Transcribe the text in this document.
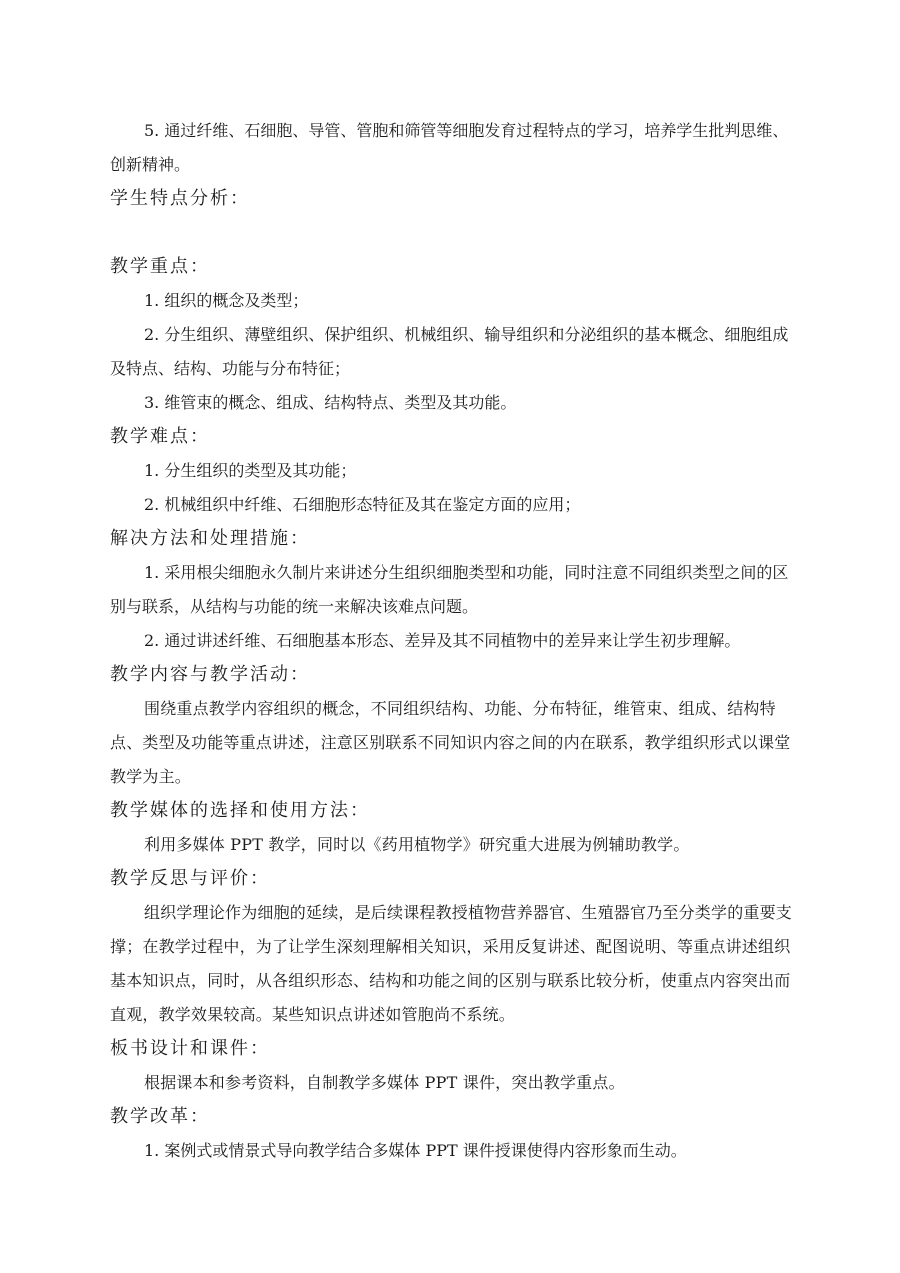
5. 通过纤维、石细胞、导管、管胞和筛管等细胞发育过程特点的学习，培养学生批判思维、创新精神。

学生特点分析：
教学重点：

1. 组织的概念及类型；

2. 分生组织、薄壁组织、保护组织、机械组织、输导组织和分泌组织的基本概念、细胞组成及特点、结构、功能与分布特征；

3. 维管束的概念、组成、结构特点、类型及其功能。

教学难点：

1. 分生组织的类型及其功能；

2. 机械组织中纤维、石细胞形态特征及其在鉴定方面的应用；

解决方法和处理措施：

1. 采用根尖细胞永久制片来讲述分生组织细胞类型和功能，同时注意不同组织类型之间的区别与联系，从结构与功能的统一来解决该难点问题。

2. 通过讲述纤维、石细胞基本形态、差异及其不同植物中的差异来让学生初步理解。

教学内容与教学活动：

围绕重点教学内容组织的概念，不同组织结构、功能、分布特征，维管束、组成、结构特点、类型及功能等重点讲述，注意区别联系不同知识内容之间的内在联系，教学组织形式以课堂教学为主。

教学媒体的选择和使用方法：

利用多媒体 PPT 教学，同时以《药用植物学》研究重大进展为例辅助教学。

教学反思与评价：

组织学理论作为细胞的延续，是后续课程教授植物营养器官、生殖器官乃至分类学的重要支撑；在教学过程中，为了让学生深刻理解相关知识，采用反复讲述、配图说明、等重点讲述组织基本知识点，同时，从各组织形态、结构和功能之间的区别与联系比较分析，使重点内容突出而直观，教学效果较高。某些知识点讲述如管胞尚不系统。

板书设计和课件：

根据课本和参考资料，自制教学多媒体 PPT 课件，突出教学重点。

教学改革：

1. 案例式或情景式导向教学结合多媒体 PPT 课件授课使得内容形象而生动。
